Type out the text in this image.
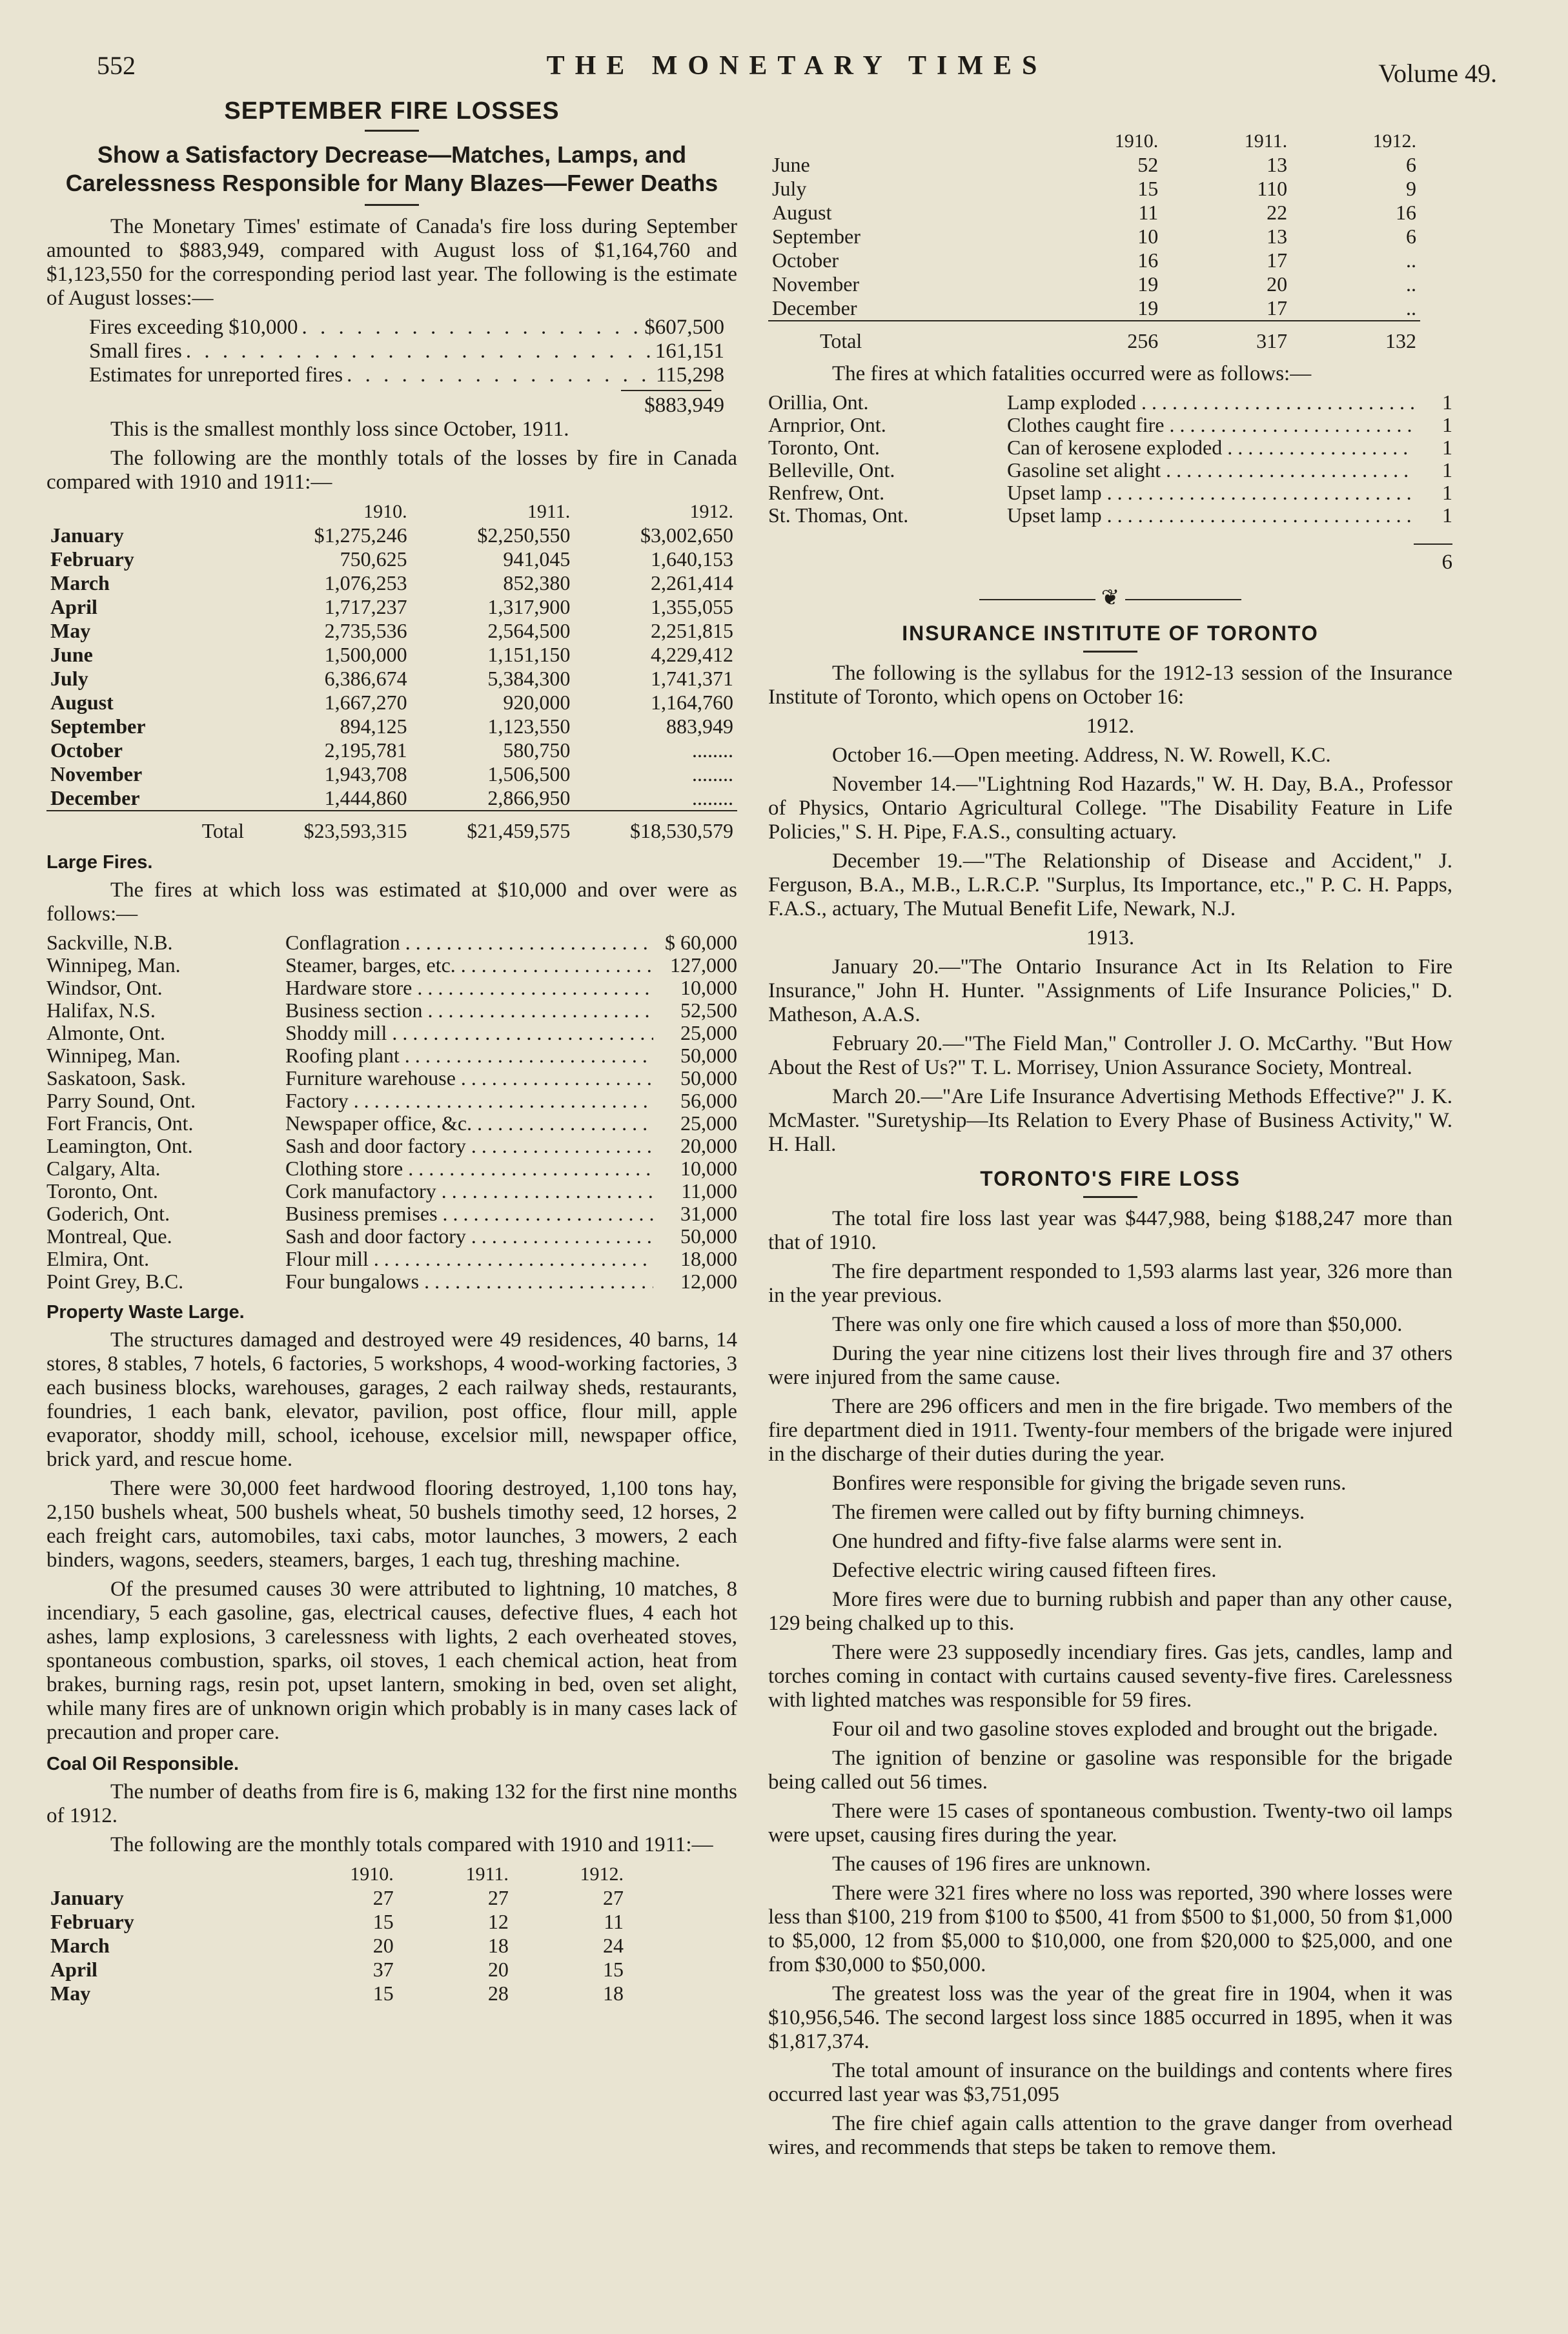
552	THE MONETARY TIMES	Volume 49.
SEPTEMBER FIRE LOSSES
Show a Satisfactory Decrease—Matches, Lamps, and Carelessness Responsible for Many Blazes—Fewer Deaths

The Monetary Times' estimate of Canada's fire loss during September amounted to $883,949, compared with August loss of $1,164,760 and $1,123,550 for the corresponding period last year. The following is the estimate of August losses:—

Fires exceeding $10,000 . . .	$607,500
Small fires . . .	161,151
Estimates for unreported fires . . .	115,298
$883,949

This is the smallest monthly loss since October, 1911.

The following are the monthly totals of the losses by fire in Canada compared with 1910 and 1911:—

	1910.	1911.	1912.
January	$1,275,246	$2,250,550	$3,002,650
February	750,625	941,045	1,640,153
March	1,076,253	852,380	2,261,414
April	1,717,237	1,317,900	1,355,055
May	2,735,536	2,564,500	2,251,815
June	1,500,000	1,151,150	4,229,412
July	6,386,674	5,384,300	1,741,371
August	1,667,270	920,000	1,164,760
September	894,125	1,123,550	883,949
October	2,195,781	580,750	........
November	1,943,708	1,506,500	........
December	1,444,860	2,866,950	........

Total	$23,593,315	$21,459,575	$18,530,579
Large Fires.

The fires at which loss was estimated at $10,000 and over were as follows:—

Sackville, N.B.	Conflagration . . .	$ 60,000
Winnipeg, Man.	Steamer, barges, etc. . . .	127,000
Windsor, Ont.	Hardware store . . .	10,000
Halifax, N.S.	Business section . . .	52,500
Almonte, Ont.	Shoddy mill . . .	25,000
Winnipeg, Man.	Roofing plant . . .	50,000
Saskatoon, Sask.	Furniture warehouse . . .	50,000
Parry Sound, Ont.	Factory . . .	56,000
Fort Francis, Ont.	Newspaper office, &c. . . .	25,000
Leamington, Ont.	Sash and door factory . . .	20,000
Calgary, Alta.	Clothing store . . .	10,000
Toronto, Ont.	Cork manufactory . . .	11,000
Goderich, Ont.	Business premises . . .	31,000
Montreal, Que.	Sash and door factory . . .	50,000
Elmira, Ont.	Flour mill . . .	18,000
Point Grey, B.C.	Four bungalows . . .	12,000
Property Waste Large.

The structures damaged and destroyed were 49 residences, 40 barns, 14 stores, 8 stables, 7 hotels, 6 factories, 5 workshops, 4 wood-working factories, 3 each business blocks, warehouses, garages, 2 each railway sheds, restaurants, foundries, 1 each bank, elevator, pavilion, post office, flour mill, apple evaporator, shoddy mill, school, icehouse, excelsior mill, newspaper office, brick yard, and rescue home.

There were 30,000 feet hardwood flooring destroyed, 1,100 tons hay, 2,150 bushels wheat, 500 bushels wheat, 50 bushels timothy seed, 12 horses, 2 each freight cars, automobiles, taxi cabs, motor launches, 3 mowers, 2 each binders, wagons, seeders, steamers, barges, 1 each tug, threshing machine.

Of the presumed causes 30 were attributed to lightning, 10 matches, 8 incendiary, 5 each gasoline, gas, electrical causes, defective flues, 4 each hot ashes, lamp explosions, 3 carelessness with lights, 2 each overheated stoves, spontaneous combustion, sparks, oil stoves, 1 each chemical action, heat from brakes, burning rags, resin pot, upset lantern, smoking in bed, oven set alight, while many fires are of unknown origin which probably is in many cases lack of precaution and proper care.

Coal Oil Responsible.

The number of deaths from fire is 6, making 132 for the first nine months of 1912.

The following are the monthly totals compared with 1910 and 1911:—

	1910.	1911.	1912.
January	27	27	27
February	15	12	11
March	20	18	24
April	37	20	15
May	15	28	18
	1910.	1911.	1912.
June	52	13	6
July	15	110	9
August	11	22	16
September	10	13	6
October	16	17	..
November	19	20	..
December	19	17	..

Total	256	317	132

The fires at which fatalities occurred were as follows:—

Orillia, Ont.	Lamp exploded . . .	1
Arnprior, Ont.	Clothes caught fire . . .	1
Toronto, Ont.	Can of kerosene exploded . . .	1
Belleville, Ont.	Gasoline set alight . . .	1
Renfrew, Ont.	Upset lamp . . .	1
St. Thomas, Ont.	Upset lamp . . .	1

6
❦
INSURANCE INSTITUTE OF TORONTO

The following is the syllabus for the 1912-13 session of the Insurance Institute of Toronto, which opens on October 16:

1912.

October 16.—Open meeting. Address, N. W. Rowell, K.C.

November 14.—"Lightning Rod Hazards," W. H. Day, B.A., Professor of Physics, Ontario Agricultural College. "The Disability Feature in Life Policies," S. H. Pipe, F.A.S., consulting actuary.

December 19.—"The Relationship of Disease and Accident," J. Ferguson, B.A., M.B., L.R.C.P. "Surplus, Its Importance, etc.," P. C. H. Papps, F.A.S., actuary, The Mutual Benefit Life, Newark, N.J.

1913.

January 20.—"The Ontario Insurance Act in Its Relation to Fire Insurance," John H. Hunter. "Assignments of Life Insurance Policies," D. Matheson, A.A.S.

February 20.—"The Field Man," Controller J. O. McCarthy. "But How About the Rest of Us?" T. L. Morrisey, Union Assurance Society, Montreal.

March 20.—"Are Life Insurance Advertising Methods Effective?" J. K. McMaster. "Suretyship—Its Relation to Every Phase of Business Activity," W. H. Hall.

TORONTO'S FIRE LOSS

The total fire loss last year was $447,988, being $188,247 more than that of 1910.

The fire department responded to 1,593 alarms last year, 326 more than in the year previous.

There was only one fire which caused a loss of more than $50,000.

During the year nine citizens lost their lives through fire and 37 others were injured from the same cause.

There are 296 officers and men in the fire brigade. Two members of the fire department died in 1911. Twenty-four members of the brigade were injured in the discharge of their duties during the year.

Bonfires were responsible for giving the brigade seven runs.

The firemen were called out by fifty burning chimneys.

One hundred and fifty-five false alarms were sent in.

Defective electric wiring caused fifteen fires.

More fires were due to burning rubbish and paper than any other cause, 129 being chalked up to this.

There were 23 supposedly incendiary fires. Gas jets, candles, lamp and torches coming in contact with curtains caused seventy-five fires. Carelessness with lighted matches was responsible for 59 fires.

Four oil and two gasoline stoves exploded and brought out the brigade.

The ignition of benzine or gasoline was responsible for the brigade being called out 56 times.

There were 15 cases of spontaneous combustion. Twenty-two oil lamps were upset, causing fires during the year.

The causes of 196 fires are unknown.

There were 321 fires where no loss was reported, 390 where losses were less than $100, 219 from $100 to $500, 41 from $500 to $1,000, 50 from $1,000 to $5,000, 12 from $5,000 to $10,000, one from $20,000 to $25,000, and one from $30,000 to $50,000.

The greatest loss was the year of the great fire in 1904, when it was $10,956,546. The second largest loss since 1885 occurred in 1895, when it was $1,817,374.

The total amount of insurance on the buildings and contents where fires occurred last year was $3,751,095

The fire chief again calls attention to the grave danger from overhead wires, and recommends that steps be taken to remove them.
